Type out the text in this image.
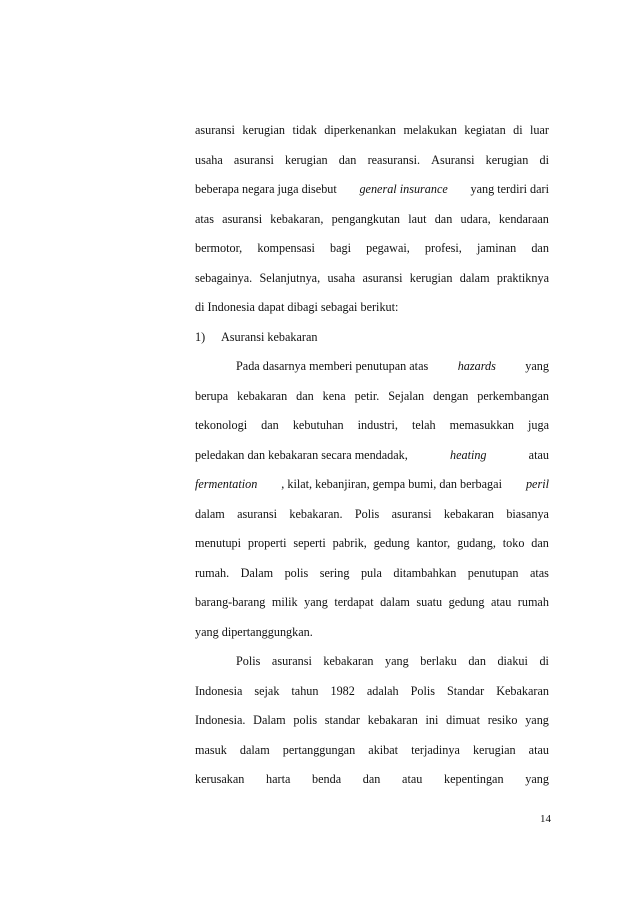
asuransi kerugian tidak diperkenankan melakukan kegiatan di luar
usaha asuransi kerugian dan reasuransi. Asuransi kerugian di
beberapa negara juga disebut general insurance yang terdiri dari
atas asuransi kebakaran, pengangkutan laut dan udara, kendaraan
bermotor, kompensasi bagi pegawai, profesi, jaminan dan
sebagainya. Selanjutnya, usaha asuransi kerugian dalam praktiknya
di Indonesia dapat dibagi sebagai berikut:
1) Asuransi kebakaran
Pada dasarnya memberi penutupan atas hazards yang
berupa kebakaran dan kena petir. Sejalan dengan perkembangan
tekonologi dan kebutuhan industri, telah memasukkan juga
peledakan dan kebakaran secara mendadak,	heating	atau
fermentation , kilat, kebanjiran, gempa bumi, dan berbagai peril
dalam asuransi kebakaran. Polis asuransi kebakaran biasanya
menutupi properti seperti pabrik, gedung kantor, gudang, toko dan
rumah. Dalam polis sering pula ditambahkan penutupan atas
barang-barang milik yang terdapat dalam suatu gedung atau rumah
yang dipertanggungkan.
Polis asuransi kebakaran yang berlaku dan diakui di
Indonesia sejak tahun 1982 adalah Polis Standar Kebakaran
Indonesia. Dalam polis standar kebakaran ini dimuat resiko yang
masuk dalam pertanggungan akibat terjadinya kerugian atau
kerusakan harta benda dan atau kepentingan yang
14
